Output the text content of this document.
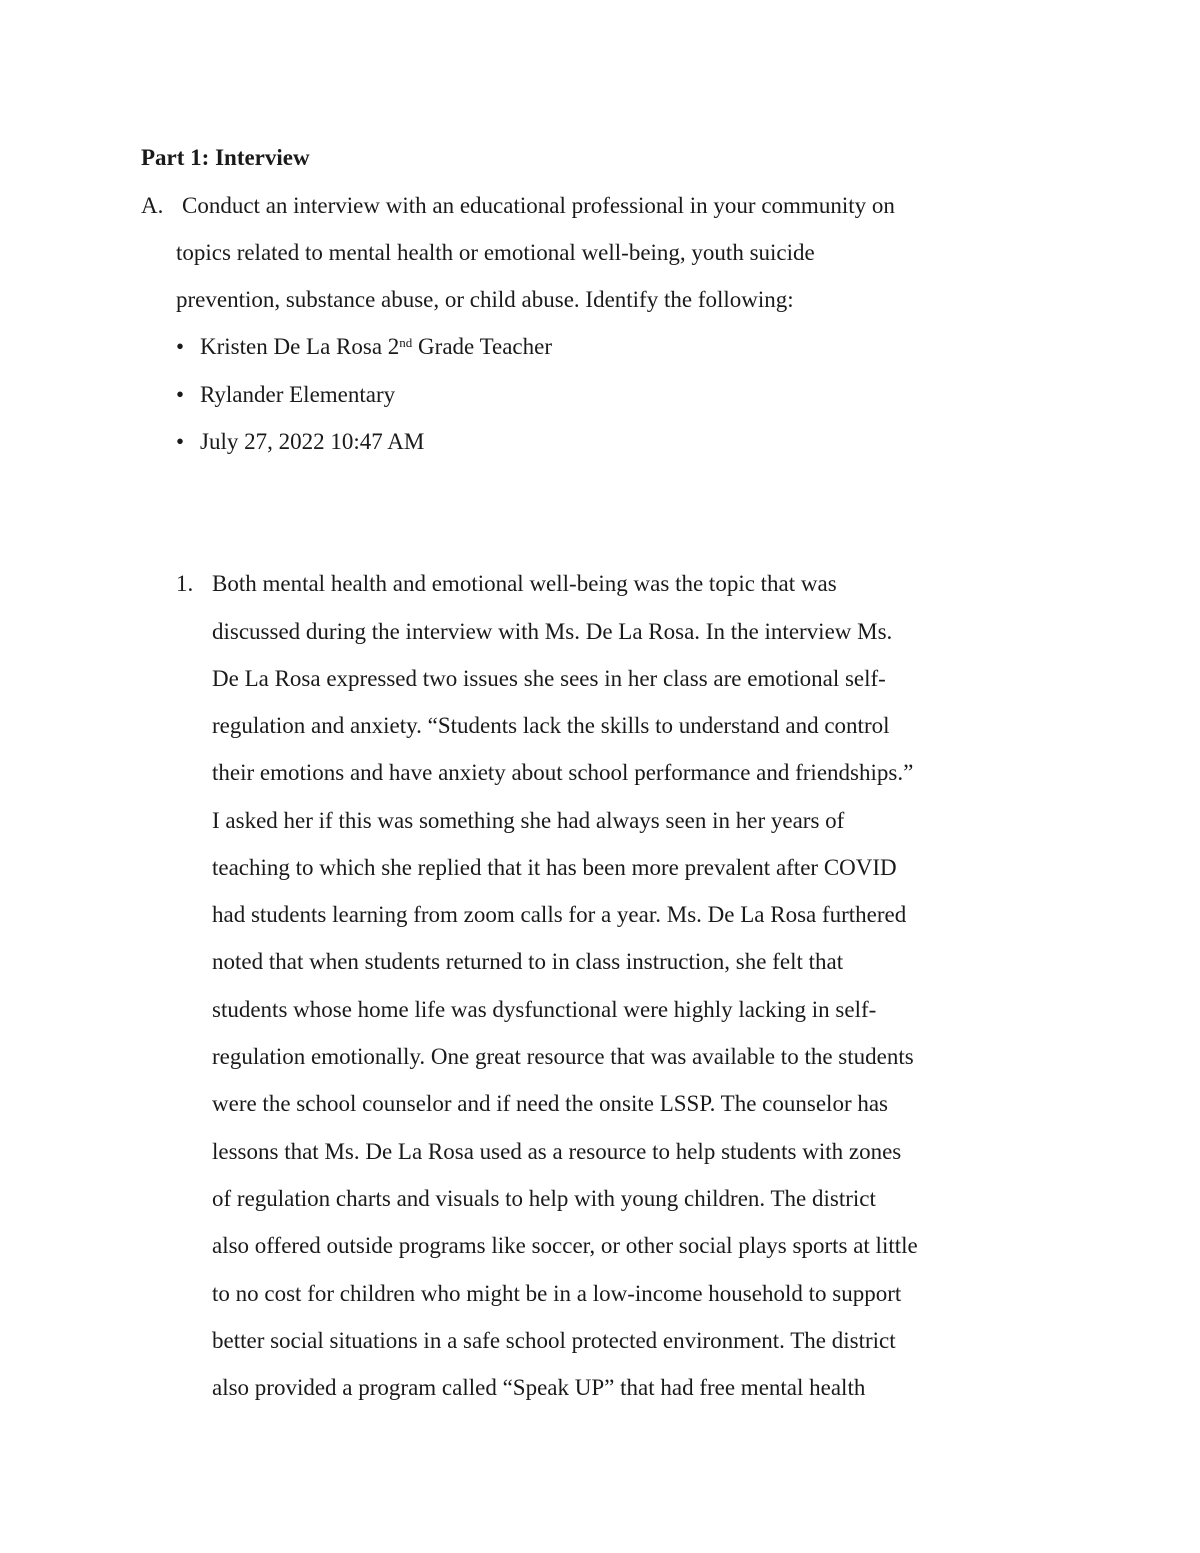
Part 1: Interview
A. Conduct an interview with an educational professional in your community on
topics related to mental health or emotional well-being, youth suicide
prevention, substance abuse, or child abuse. Identify the following:
• Kristen De La Rosa 2nd Grade Teacher
• Rylander Elementary
• July 27, 2022 10:47 AM
1. Both mental health and emotional well-being was the topic that was
discussed during the interview with Ms. De La Rosa. In the interview Ms.
De La Rosa expressed two issues she sees in her class are emotional self-
regulation and anxiety. “Students lack the skills to understand and control
their emotions and have anxiety about school performance and friendships.”
I asked her if this was something she had always seen in her years of
teaching to which she replied that it has been more prevalent after COVID
had students learning from zoom calls for a year. Ms. De La Rosa furthered
noted that when students returned to in class instruction, she felt that
students whose home life was dysfunctional were highly lacking in self-
regulation emotionally. One great resource that was available to the students
were the school counselor and if need the onsite LSSP. The counselor has
lessons that Ms. De La Rosa used as a resource to help students with zones
of regulation charts and visuals to help with young children. The district
also offered outside programs like soccer, or other social plays sports at little
to no cost for children who might be in a low-income household to support
better social situations in a safe school protected environment. The district
also provided a program called “Speak UP” that had free mental health
